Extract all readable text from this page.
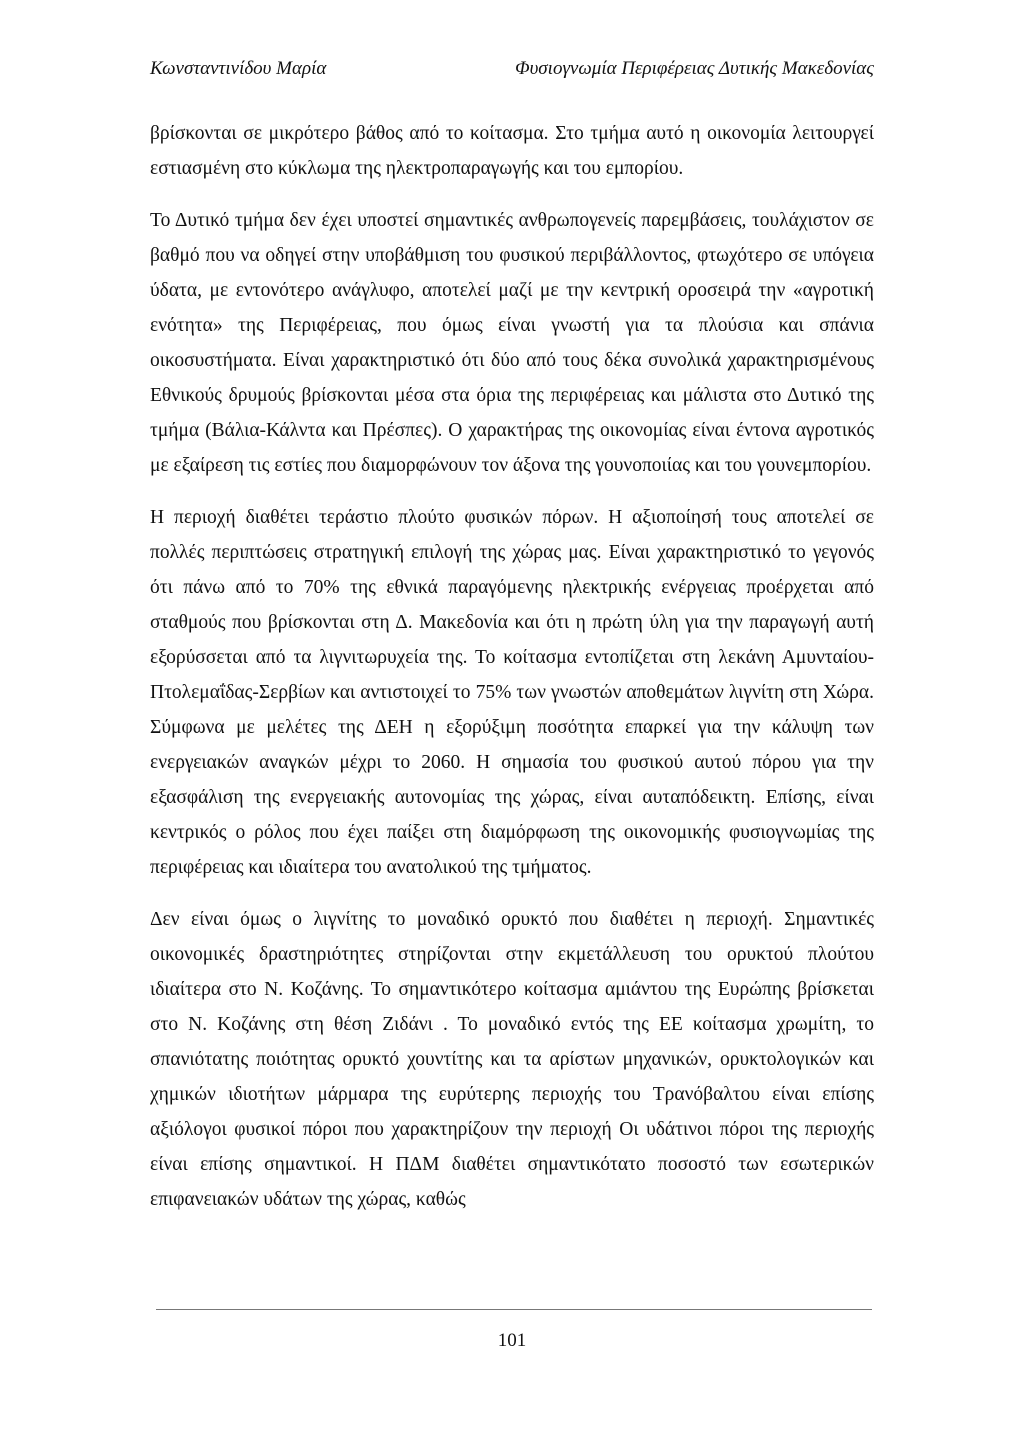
Κωνσταντινίδου Μαρία	Φυσιογνωμία Περιφέρειας Δυτικής Μακεδονίας

βρίσκονται σε μικρότερο βάθος από το κοίτασμα. Στο τμήμα αυτό η οικονομία λειτουργεί εστιασμένη στο κύκλωμα της ηλεκτροπαραγωγής και του εμπορίου.

Το Δυτικό τμήμα δεν έχει υποστεί σημαντικές ανθρωπογενείς παρεμβάσεις, τουλάχιστον σε βαθμό που να οδηγεί στην υποβάθμιση του φυσικού περιβάλλοντος, φτωχότερο σε υπόγεια ύδατα, με εντονότερο ανάγλυφο, αποτελεί μαζί με την κεντρική οροσειρά την «αγροτική ενότητα» της Περιφέρειας, που όμως είναι γνωστή για τα πλούσια και σπάνια οικοσυστήματα. Είναι χαρακτηριστικό ότι δύο από τους δέκα συνολικά χαρακτηρισμένους Εθνικούς δρυμούς βρίσκονται μέσα στα όρια της περιφέρειας και μάλιστα στο Δυτικό της τμήμα (Βάλια-Κάλντα και Πρέσπες). Ο χαρακτήρας της οικονομίας είναι έντονα αγροτικός με εξαίρεση τις εστίες που διαμορφώνουν τον άξονα της γουνοποιίας και του γουνεμπορίου.

Η περιοχή διαθέτει τεράστιο πλούτο φυσικών πόρων. Η αξιοποίησή τους αποτελεί σε πολλές περιπτώσεις στρατηγική επιλογή της χώρας μας. Είναι χαρακτηριστικό το γεγονός ότι πάνω από το 70% της εθνικά παραγόμενης ηλεκτρικής ενέργειας προέρχεται από σταθμούς που βρίσκονται στη Δ. Μακεδονία και ότι η πρώτη ύλη για την παραγωγή αυτή εξορύσσεται από τα λιγνιτωρυχεία της. Το κοίτασμα εντοπίζεται στη λεκάνη Αμυνταίου-Πτολεμαΐδας-Σερβίων και αντιστοιχεί το 75% των γνωστών αποθεμάτων λιγνίτη στη Χώρα. Σύμφωνα με μελέτες της ΔΕΗ η εξορύξιμη ποσότητα επαρκεί για την κάλυψη των ενεργειακών αναγκών μέχρι το 2060. Η σημασία του φυσικού αυτού πόρου για την εξασφάλιση της ενεργειακής αυτονομίας της χώρας, είναι αυταπόδεικτη. Επίσης, είναι κεντρικός ο ρόλος που έχει παίξει στη διαμόρφωση της οικονομικής φυσιογνωμίας της περιφέρειας και ιδιαίτερα του ανατολικού της τμήματος.

Δεν είναι όμως ο λιγνίτης το μοναδικό ορυκτό που διαθέτει η περιοχή. Σημαντικές οικονομικές δραστηριότητες στηρίζονται στην εκμετάλλευση του ορυκτού πλούτου ιδιαίτερα στο Ν. Κοζάνης. Το σημαντικότερο κοίτασμα αμιάντου της Ευρώπης βρίσκεται στο Ν. Κοζάνης στη θέση Ζιδάνι . Το μοναδικό εντός της ΕΕ κοίτασμα χρωμίτη, το σπανιότατης ποιότητας ορυκτό χουντίτης και τα αρίστων μηχανικών, ορυκτολογικών και χημικών ιδιοτήτων μάρμαρα της ευρύτερης περιοχής του Τρανόβαλτου είναι επίσης αξιόλογοι φυσικοί πόροι που χαρακτηρίζουν την περιοχή Οι υδάτινοι πόροι της περιοχής είναι επίσης σημαντικοί. Η ΠΔΜ διαθέτει σημαντικότατο ποσοστό των εσωτερικών επιφανειακών υδάτων της χώρας, καθώς

101
